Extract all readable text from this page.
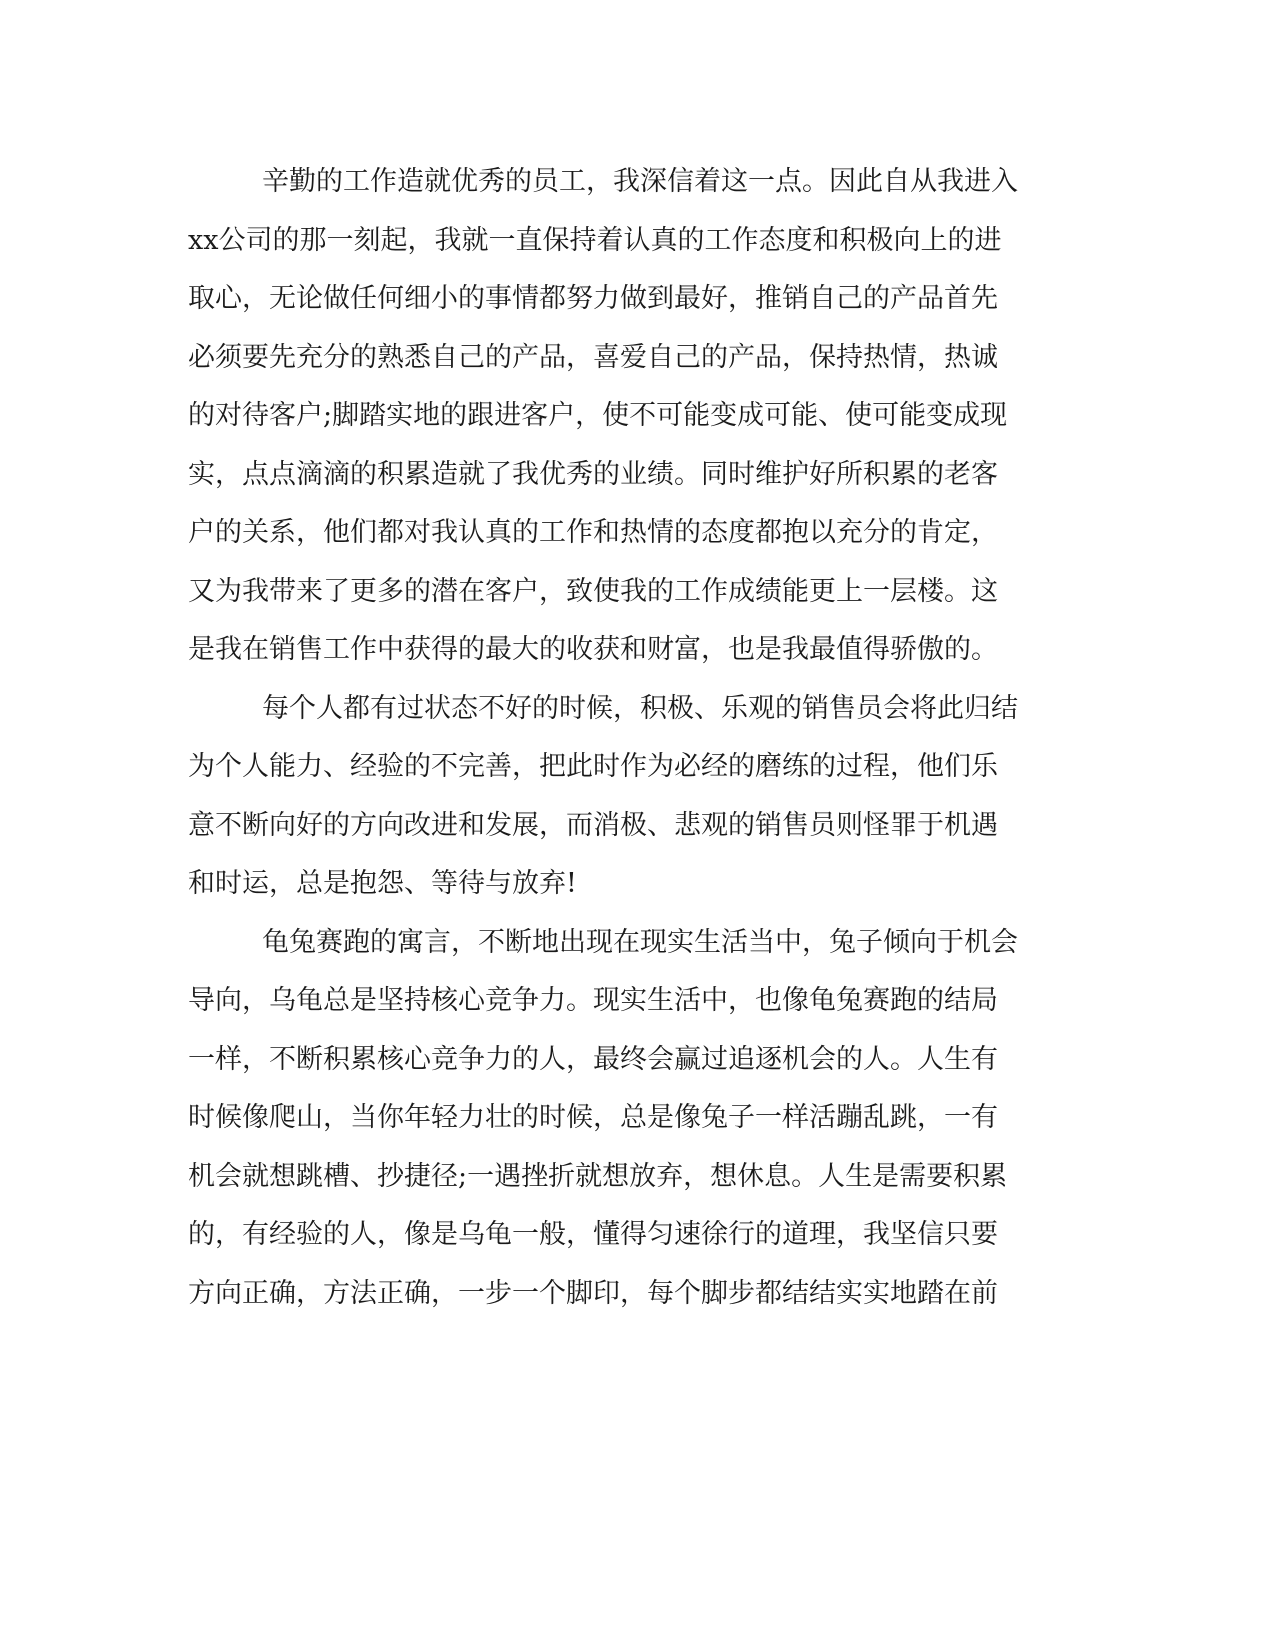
辛勤的工作造就优秀的员工，我深信着这一点。因此自从我进入
xx公司的那一刻起，我就一直保持着认真的工作态度和积极向上的进
取心，无论做任何细小的事情都努力做到最好，推销自己的产品首先
必须要先充分的熟悉自己的产品，喜爱自己的产品，保持热情，热诚
的对待客户;脚踏实地的跟进客户，使不可能变成可能、使可能变成现
实，点点滴滴的积累造就了我优秀的业绩。同时维护好所积累的老客
户的关系，他们都对我认真的工作和热情的态度都抱以充分的肯定，
又为我带来了更多的潜在客户，致使我的工作成绩能更上一层楼。这
是我在销售工作中获得的最大的收获和财富，也是我最值得骄傲的。
每个人都有过状态不好的时候，积极、乐观的销售员会将此归结
为个人能力、经验的不完善，把此时作为必经的磨练的过程，他们乐
意不断向好的方向改进和发展，而消极、悲观的销售员则怪罪于机遇
和时运，总是抱怨、等待与放弃!
龟兔赛跑的寓言，不断地出现在现实生活当中，兔子倾向于机会
导向，乌龟总是坚持核心竞争力。现实生活中，也像龟兔赛跑的结局
一样，不断积累核心竞争力的人，最终会赢过追逐机会的人。人生有
时候像爬山，当你年轻力壮的时候，总是像兔子一样活蹦乱跳，一有
机会就想跳槽、抄捷径;一遇挫折就想放弃，想休息。人生是需要积累
的，有经验的人，像是乌龟一般，懂得匀速徐行的道理，我坚信只要
方向正确，方法正确，一步一个脚印，每个脚步都结结实实地踏在前
